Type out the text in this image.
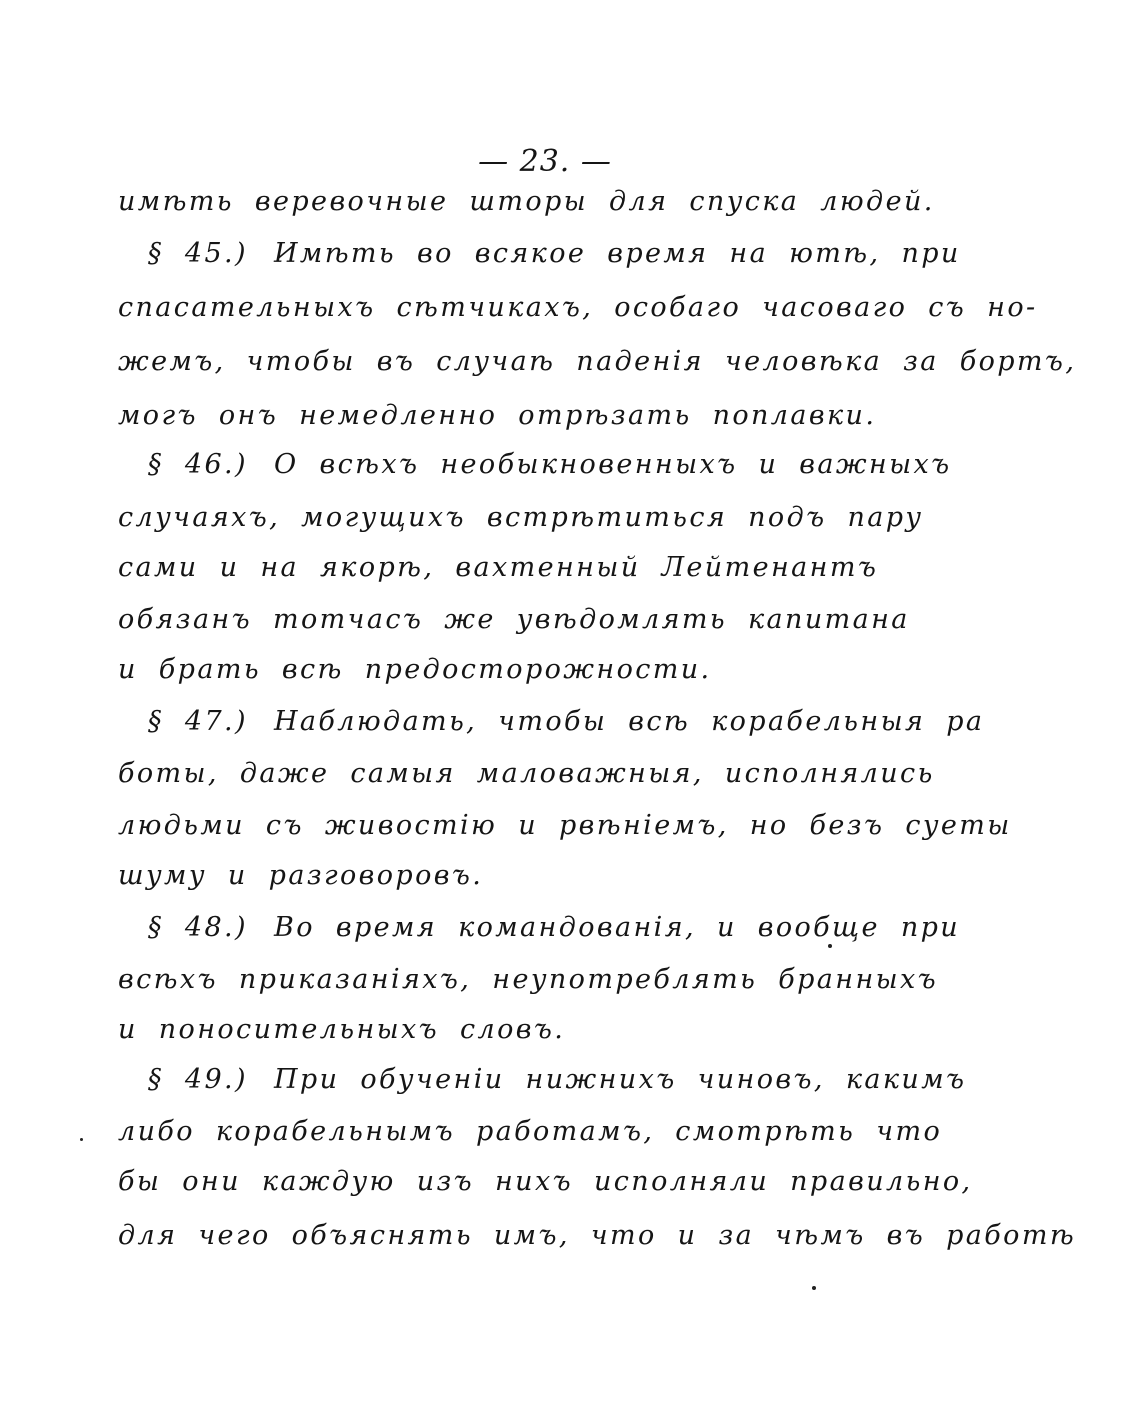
— 23. —
имѣть веревочные шторы для спуска людей.
§ 45.) Имѣть во всякое время на ютѣ, при
спасательныхъ сѣтчикахъ, особаго часоваго съ но-
жемъ, чтобы въ случаѣ паденія человѣка за бортъ,
могъ онъ немедленно отрѣзать поплавки.
§ 46.) О всѣхъ необыкновенныхъ и важныхъ
случаяхъ, могущихъ встрѣтиться подъ пару
сами и на якорѣ, вахтенный Лейтенантъ
обязанъ тотчасъ же увѣдомлять капитана
и брать всѣ предосторожности.
§ 47.) Наблюдать, чтобы всѣ корабельныя ра
боты, даже самыя маловажныя, исполнялись
людьми съ живостію и рвѣніемъ, но безъ суеты
шуму и разговоровъ.
§ 48.) Во время командованія, и вообще при
всѣхъ приказаніяхъ, неупотреблять бранныхъ
и поносительныхъ словъ.
§ 49.) При обученіи нижнихъ чиновъ, какимъ
либо корабельнымъ работамъ, смотрѣть что
бы они каждую изъ нихъ исполняли правильно,
для чего объяснять имъ, что и за чѣмъ въ работѣ
